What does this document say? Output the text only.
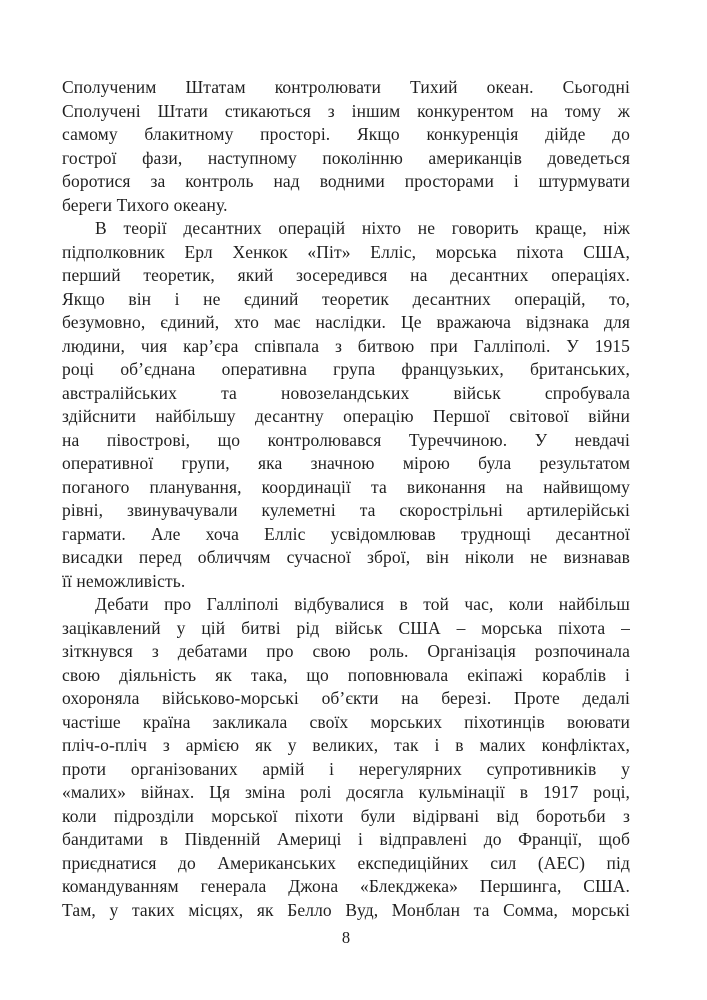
Сполученим Штатам контролювати Тихий океан. Сьогодні
Сполучені Штати стикаються з іншим конкурентом на тому ж
самому блакитному просторі. Якщо конкуренція дійде до
гострої фази, наступному поколінню американців доведеться
боротися за контроль над водними просторами і штурмувати
береги Тихого океану.
В теорії десантних операцій ніхто не говорить краще, ніж
підполковник Ерл Хенкок «Піт» Елліс, морська піхота США,
перший теоретик, який зосередився на десантних операціях.
Якщо він і не єдиний теоретик десантних операцій, то,
безумовно, єдиний, хто має наслідки. Це вражаюча відзнака для
людини, чия кар’єра співпала з битвою при Галліполі. У 1915
році об’єднана оперативна група французьких, британських,
австралійських та новозеландських військ спробувала
здійснити найбільшу десантну операцію Першої світової війни
на півострові, що контролювався Туреччиною. У невдачі
оперативної групи, яка значною мірою була результатом
поганого планування, координації та виконання на найвищому
рівні, звинувачували кулеметні та скорострільні артилерійські
гармати. Але хоча Елліс усвідомлював труднощі десантної
висадки перед обличчям сучасної зброї, він ніколи не визнавав
її неможливість.
Дебати про Галліполі відбувалися в той час, коли найбільш
зацікавлений у цій битві рід військ США – морська піхота –
зіткнувся з дебатами про свою роль. Організація розпочинала
свою діяльність як така, що поповнювала екіпажі кораблів і
охороняла військово-морські об’єкти на березі. Проте дедалі
частіше країна закликала своїх морських піхотинців воювати
пліч-о-пліч з армією як у великих, так і в малих конфліктах,
проти організованих армій і нерегулярних супротивників у
«малих» війнах. Ця зміна ролі досягла кульмінації в 1917 році,
коли підрозділи морської піхоти були відірвані від боротьби з
бандитами в Південній Америці і відправлені до Франції, щоб
приєднатися до Американських експедиційних сил (АЕС) під
командуванням генерала Джона «Блекджека» Першинга, США.
Там, у таких місцях, як Белло Вуд, Монблан та Сомма, морські
8
